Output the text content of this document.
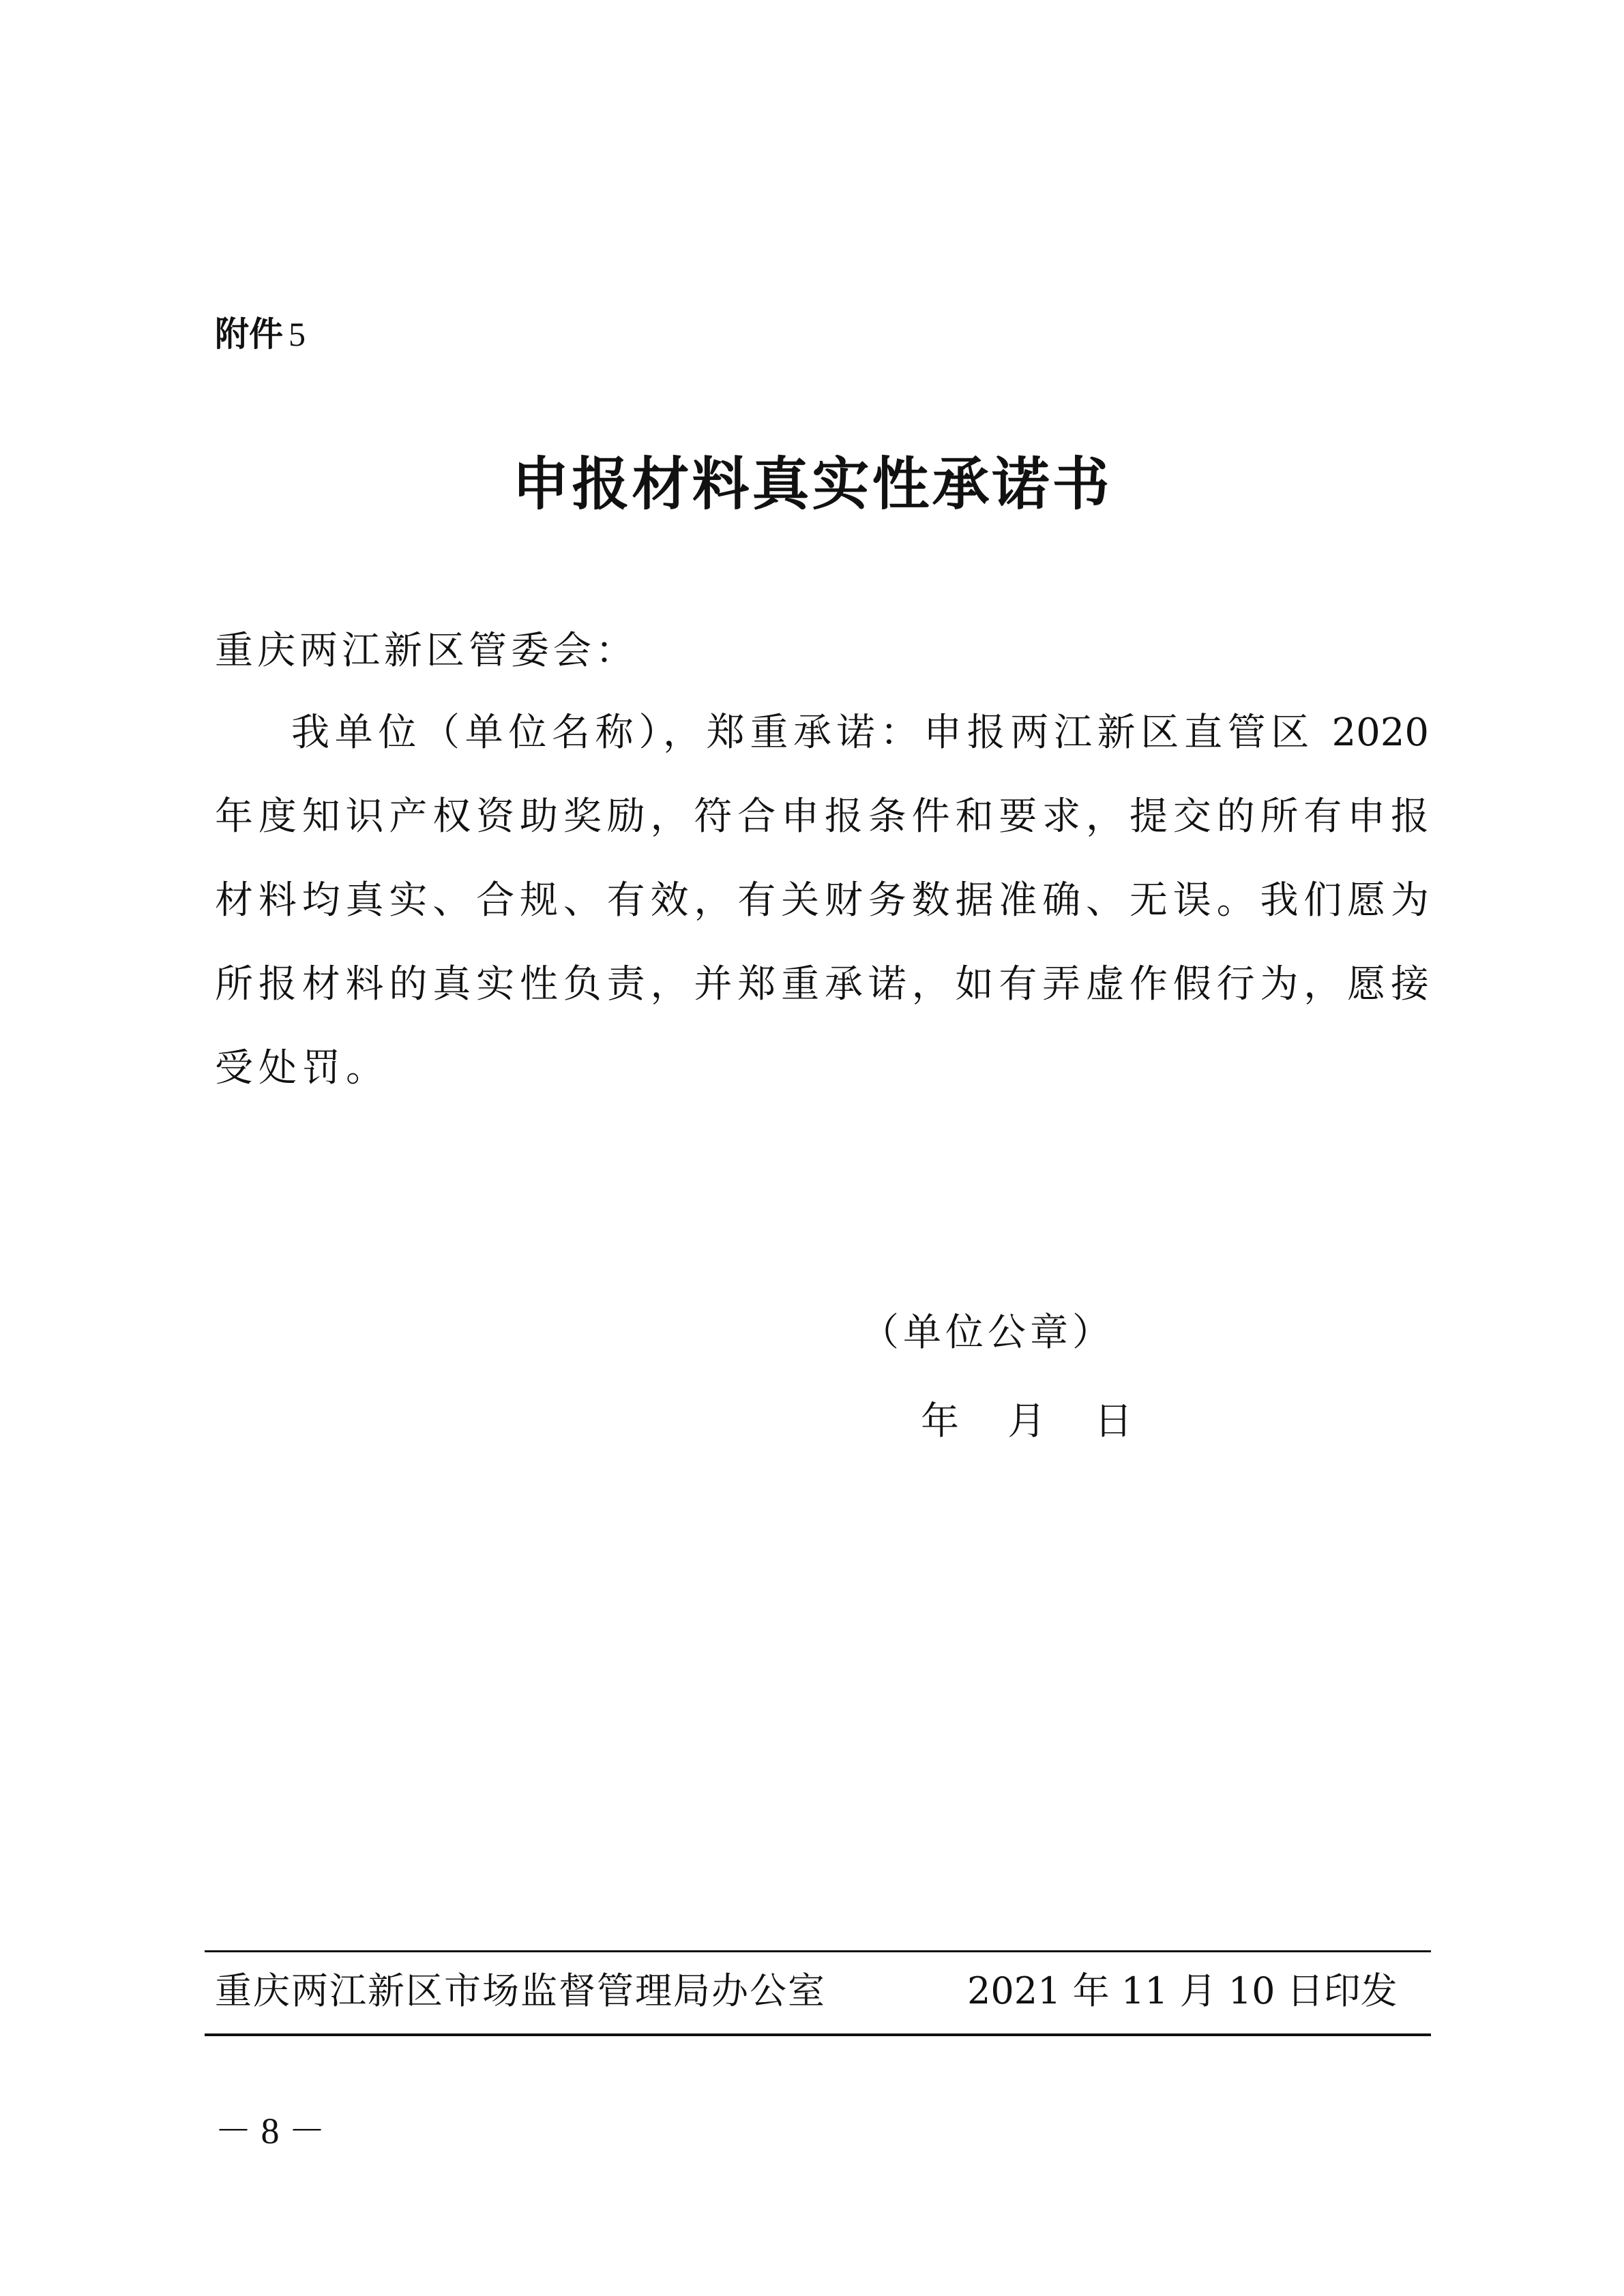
附件 5
申报材料真实性承诺书

重庆两江新区管委会：

我单位（单位名称），郑重承诺：申报两江新区直管区 2020

年度知识产权资助奖励，符合申报条件和要求，提交的所有申报

材料均真实、合规、有效，有关财务数据准确、无误。我们愿为

所报材料的真实性负责，并郑重承诺，如有弄虚作假行为，愿接

受处罚。

（单位公章）

年    月    日

重庆两江新区市场监督管理局办公室	2021 年 11 月 10 日印发

－ 8 －
